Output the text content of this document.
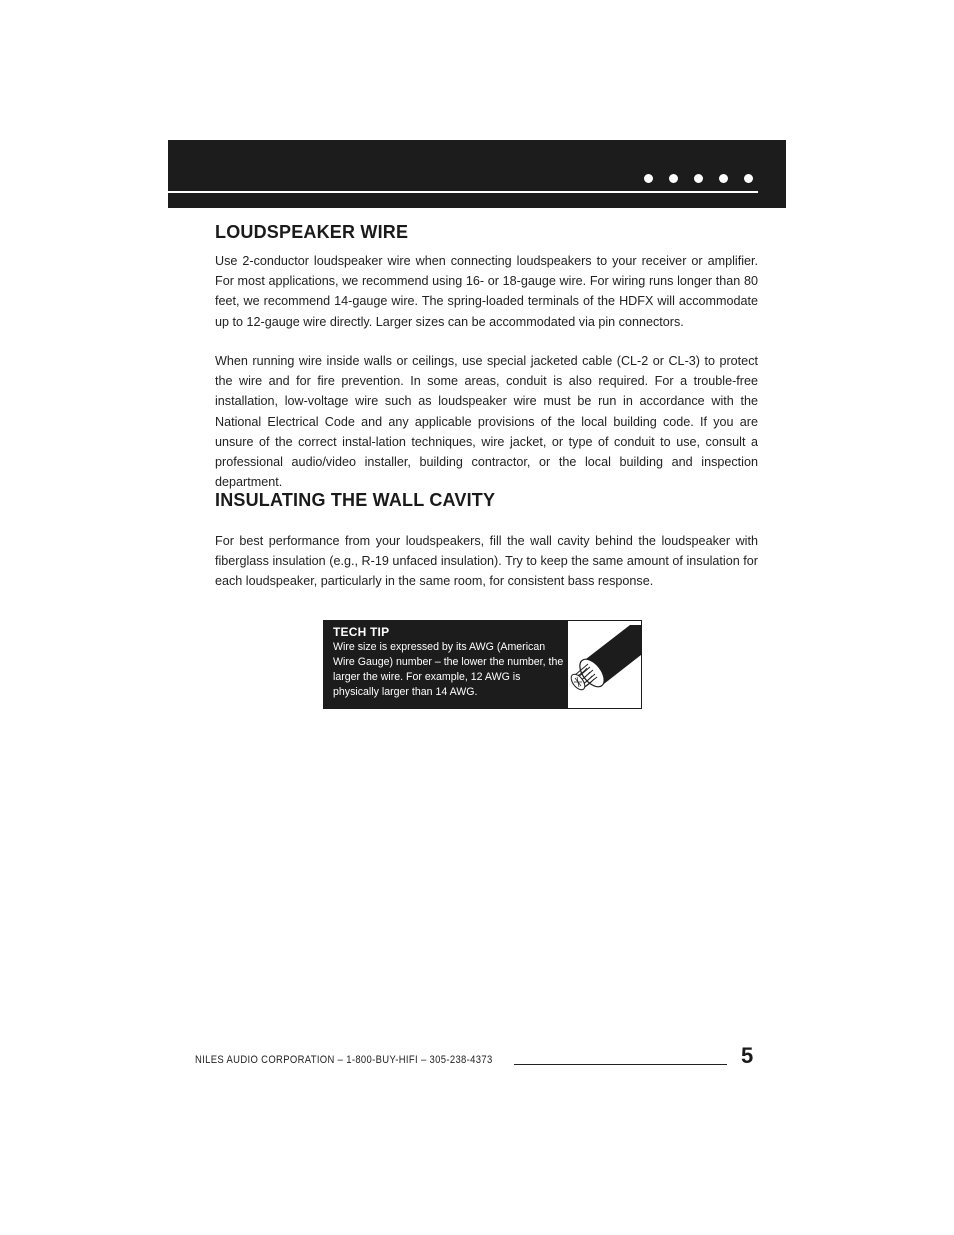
LOUDSPEAKER WIRE

Use 2-conductor loudspeaker wire when connecting loudspeakers to your receiver or amplifier. For most applications, we recommend using 16- or 18-gauge wire. For wiring runs longer than 80 feet, we recommend 14-gauge wire. The spring-loaded terminals of the HDFX will accommodate up to 12-gauge wire directly. Larger sizes can be accommodated via pin connectors.

When running wire inside walls or ceilings, use special jacketed cable (CL-2 or CL-3) to protect the wire and for fire prevention. In some areas, conduit is also required. For a trouble-free installation, low-voltage wire such as loudspeaker wire must be run in accordance with the National Electrical Code and any applicable provisions of the local building code. If you are unsure of the correct instal-lation techniques, wire jacket, or type of conduit to use, consult a professional audio/video installer, building contractor, or the local building and inspection department.

INSULATING THE WALL CAVITY

For best performance from your loudspeakers, fill the wall cavity behind the loudspeaker with fiberglass insulation (e.g., R-19 unfaced insulation). Try to keep the same amount of insulation for each loudspeaker, particularly in the same room, for consistent bass response.

TECH TIP
Wire size is expressed by its AWG (American Wire Gauge) number – the lower the number, the larger the wire. For example, 12 AWG is physically larger than 14 AWG.
NILES AUDIO CORPORATION – 1-800-BUY-HIFI – 305-238-4373	5
